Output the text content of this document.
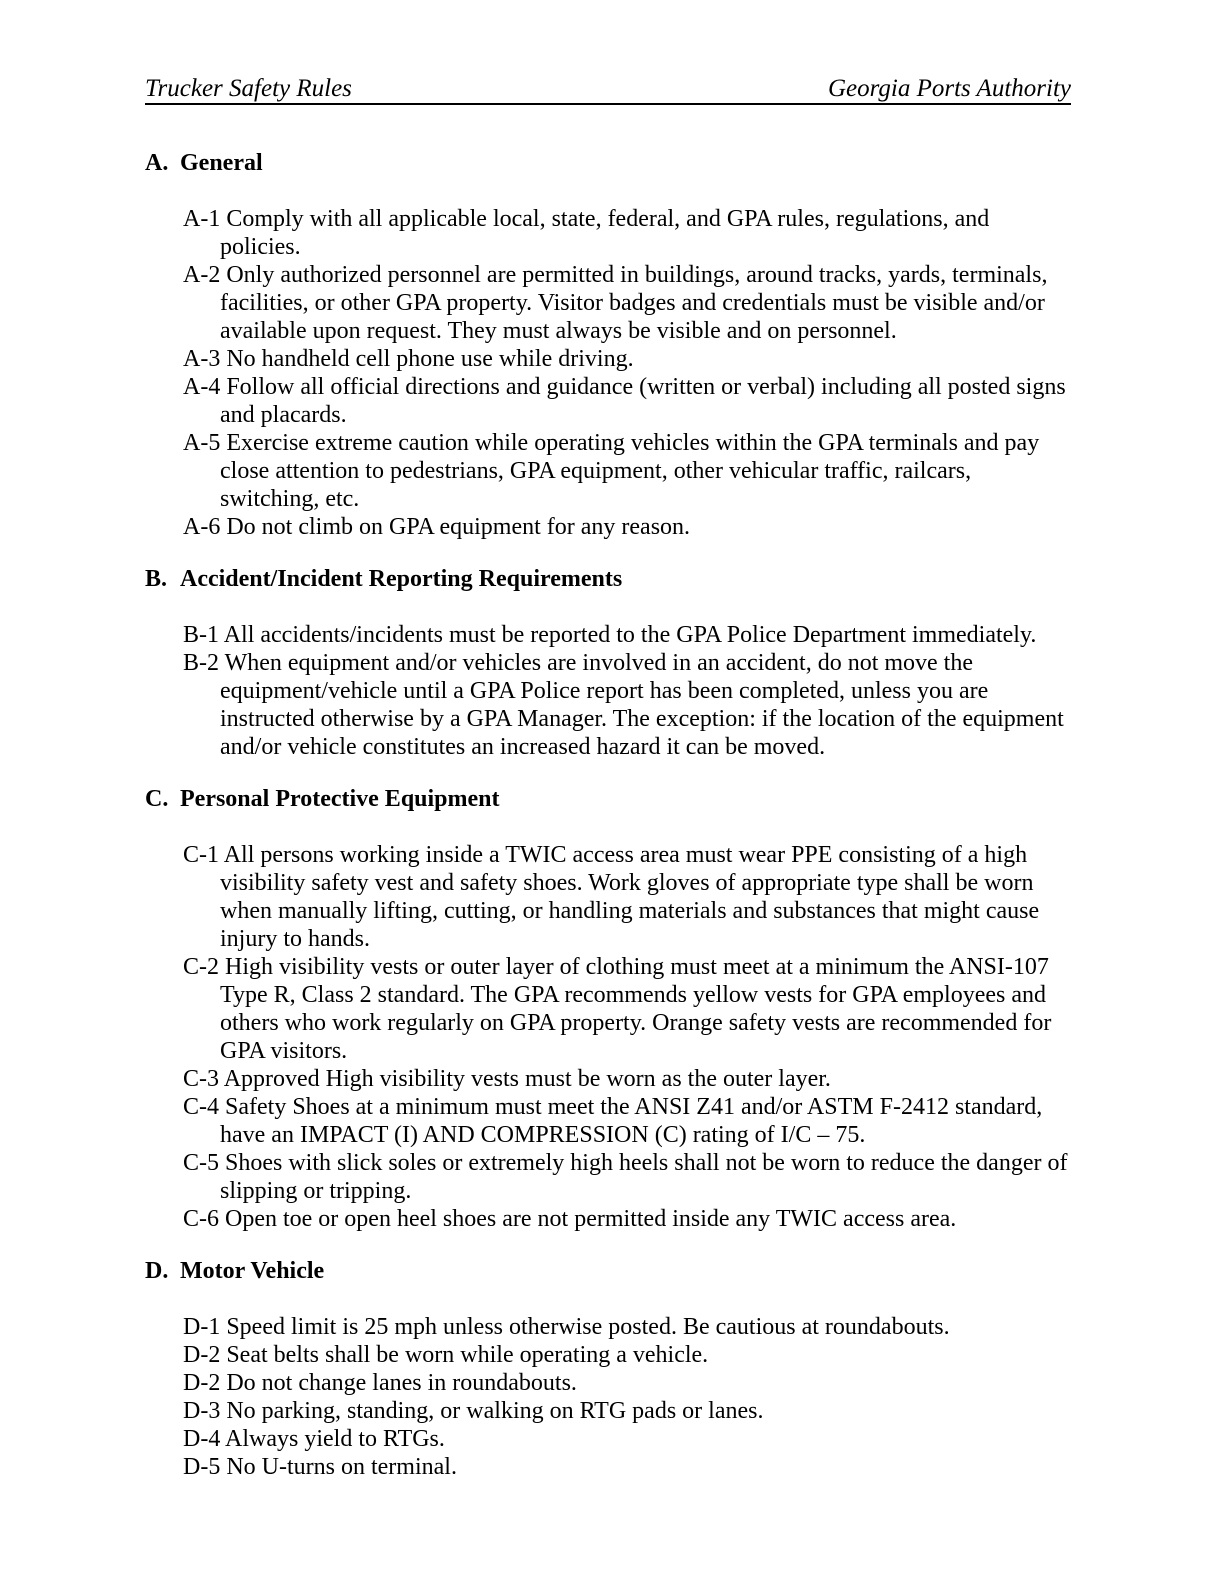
Trucker Safety Rules	Georgia Ports Authority
A. General

A-1 Comply with all applicable local, state, federal, and GPA rules, regulations, and policies.

A-2 Only authorized personnel are permitted in buildings, around tracks, yards, terminals, facilities, or other GPA property. Visitor badges and credentials must be visible and/or available upon request. They must always be visible and on personnel.

A-3 No handheld cell phone use while driving.

A-4 Follow all official directions and guidance (written or verbal) including all posted signs and placards.

A-5 Exercise extreme caution while operating vehicles within the GPA terminals and pay close attention to pedestrians, GPA equipment, other vehicular traffic, railcars, switching, etc.

A-6 Do not climb on GPA equipment for any reason.

B. Accident/Incident Reporting Requirements

B-1 All accidents/incidents must be reported to the GPA Police Department immediately.

B-2 When equipment and/or vehicles are involved in an accident, do not move the equipment/vehicle until a GPA Police report has been completed, unless you are instructed otherwise by a GPA Manager. The exception: if the location of the equipment and/or vehicle constitutes an increased hazard it can be moved.

C. Personal Protective Equipment

C-1 All persons working inside a TWIC access area must wear PPE consisting of a high visibility safety vest and safety shoes. Work gloves of appropriate type shall be worn when manually lifting, cutting, or handling materials and substances that might cause injury to hands.

C-2 High visibility vests or outer layer of clothing must meet at a minimum the ANSI-107 Type R, Class 2 standard. The GPA recommends yellow vests for GPA employees and others who work regularly on GPA property. Orange safety vests are recommended for GPA visitors.

C-3 Approved High visibility vests must be worn as the outer layer.

C-4 Safety Shoes at a minimum must meet the ANSI Z41 and/or ASTM F-2412 standard, have an IMPACT (I) AND COMPRESSION (C) rating of I/C – 75.

C-5 Shoes with slick soles or extremely high heels shall not be worn to reduce the danger of slipping or tripping.

C-6 Open toe or open heel shoes are not permitted inside any TWIC access area.

D. Motor Vehicle

D-1 Speed limit is 25 mph unless otherwise posted. Be cautious at roundabouts.

D-2 Seat belts shall be worn while operating a vehicle.

D-2 Do not change lanes in roundabouts.

D-3 No parking, standing, or walking on RTG pads or lanes.

D-4 Always yield to RTGs.

D-5 No U-turns on terminal.
